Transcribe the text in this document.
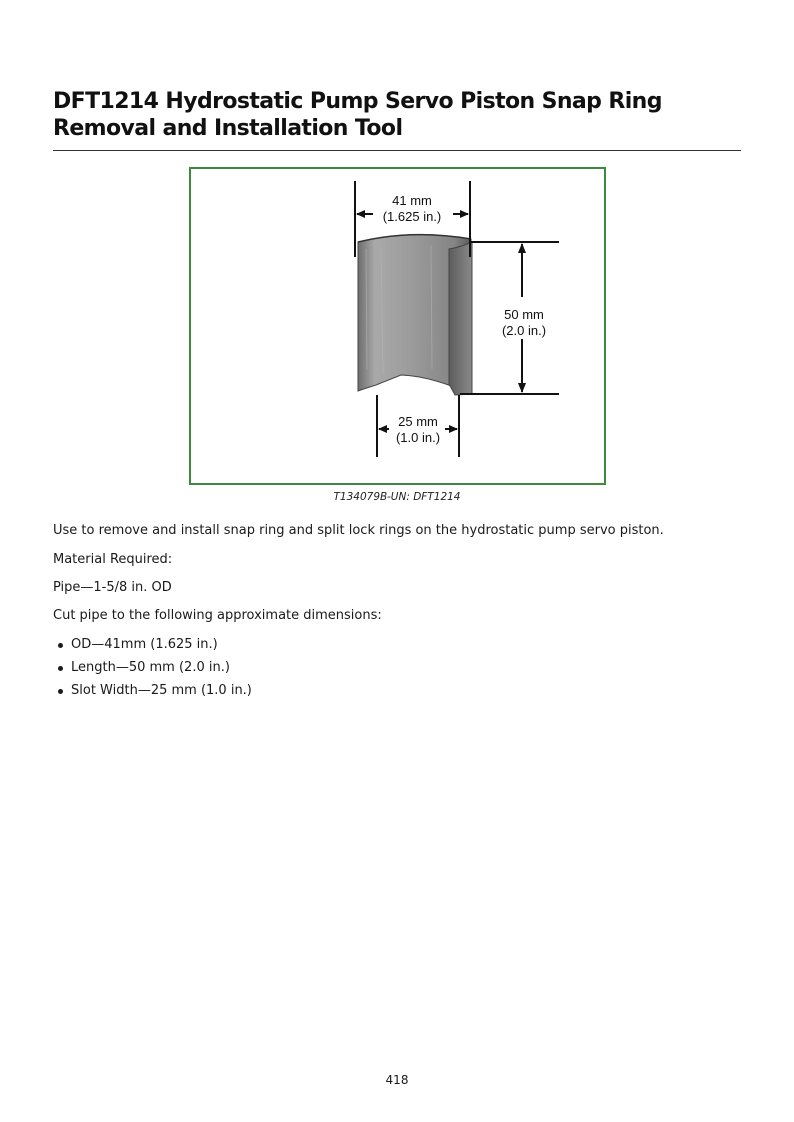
DFT1214 Hydrostatic Pump Servo Piston Snap Ring
Removal and Installation Tool
41 mm
(1.625 in.)
50 mm
(2.0 in.)
25 mm
(1.0 in.)
T134079B-UN: DFT1214

Use to remove and install snap ring and split lock rings on the hydrostatic pump servo piston.

Material Required:

Pipe—1-5/8 in. OD

Cut pipe to the following approximate dimensions:

OD—41mm (1.625 in.)
Length—50 mm (2.0 in.)
Slot Width—25 mm (1.0 in.)
418
